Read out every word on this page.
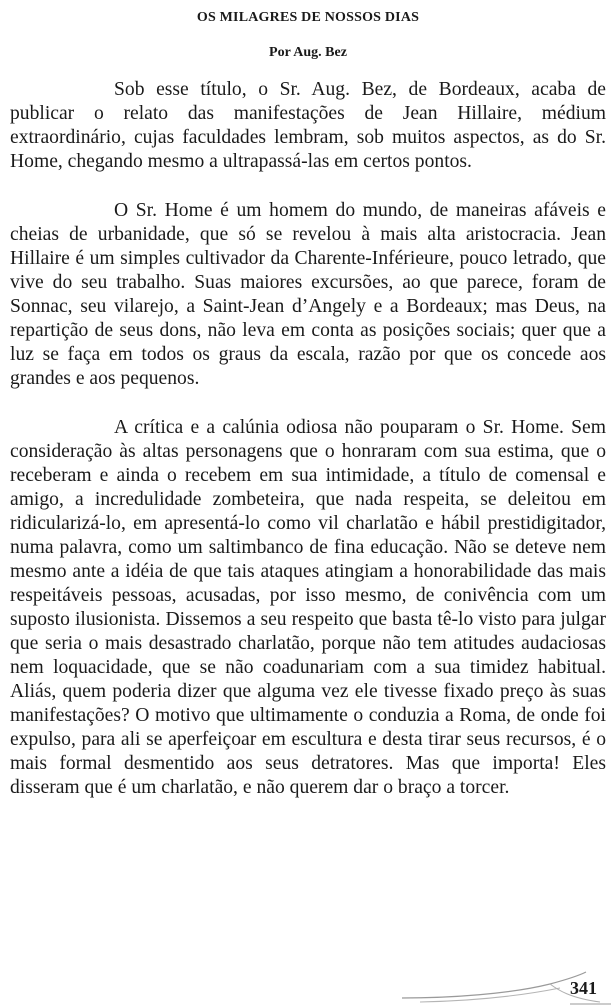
OS MILAGRES DE NOSSOS DIAS
Por Aug. Bez

Sob esse título, o Sr. Aug. Bez, de Bordeaux, acaba de publicar o relato das manifestações de Jean Hillaire, médium extraordinário, cujas faculdades lembram, sob muitos aspectos, as do Sr. Home, chegando mesmo a ultrapassá-las em certos pontos.

O Sr. Home é um homem do mundo, de maneiras afáveis e cheias de urbanidade, que só se revelou à mais alta aristocracia. Jean Hillaire é um simples cultivador da Charente-Inférieure, pouco letrado, que vive do seu trabalho. Suas maiores excursões, ao que parece, foram de Sonnac, seu vilarejo, a Saint-Jean d’Angely e a Bordeaux; mas Deus, na repartição de seus dons, não leva em conta as posições sociais; quer que a luz se faça em todos os graus da escala, razão por que os concede aos grandes e aos pequenos.

A crítica e a calúnia odiosa não pouparam o Sr. Home. Sem consideração às altas personagens que o honraram com sua estima, que o receberam e ainda o recebem em sua intimidade, a título de comensal e amigo, a incredulidade zombeteira, que nada respeita, se deleitou em ridicularizá-lo, em apresentá-lo como vil charlatão e hábil prestidigitador, numa palavra, como um saltimbanco de fina educação. Não se deteve nem mesmo ante a idéia de que tais ataques atingiam a honorabilidade das mais respeitáveis pessoas, acusadas, por isso mesmo, de conivência com um suposto ilusionista. Dissemos a seu respeito que basta tê-lo visto para julgar que seria o mais desastrado charlatão, porque não tem atitudes audaciosas nem loquacidade, que se não coadunariam com a sua timidez habitual. Aliás, quem poderia dizer que alguma vez ele tivesse fixado preço às suas manifestações? O motivo que ultimamente o conduzia a Roma, de onde foi expulso, para ali se aperfeiçoar em escultura e desta tirar seus recursos, é o mais formal desmentido aos seus detratores. Mas que importa! Eles disseram que é um charlatão, e não querem dar o braço a torcer.

341
